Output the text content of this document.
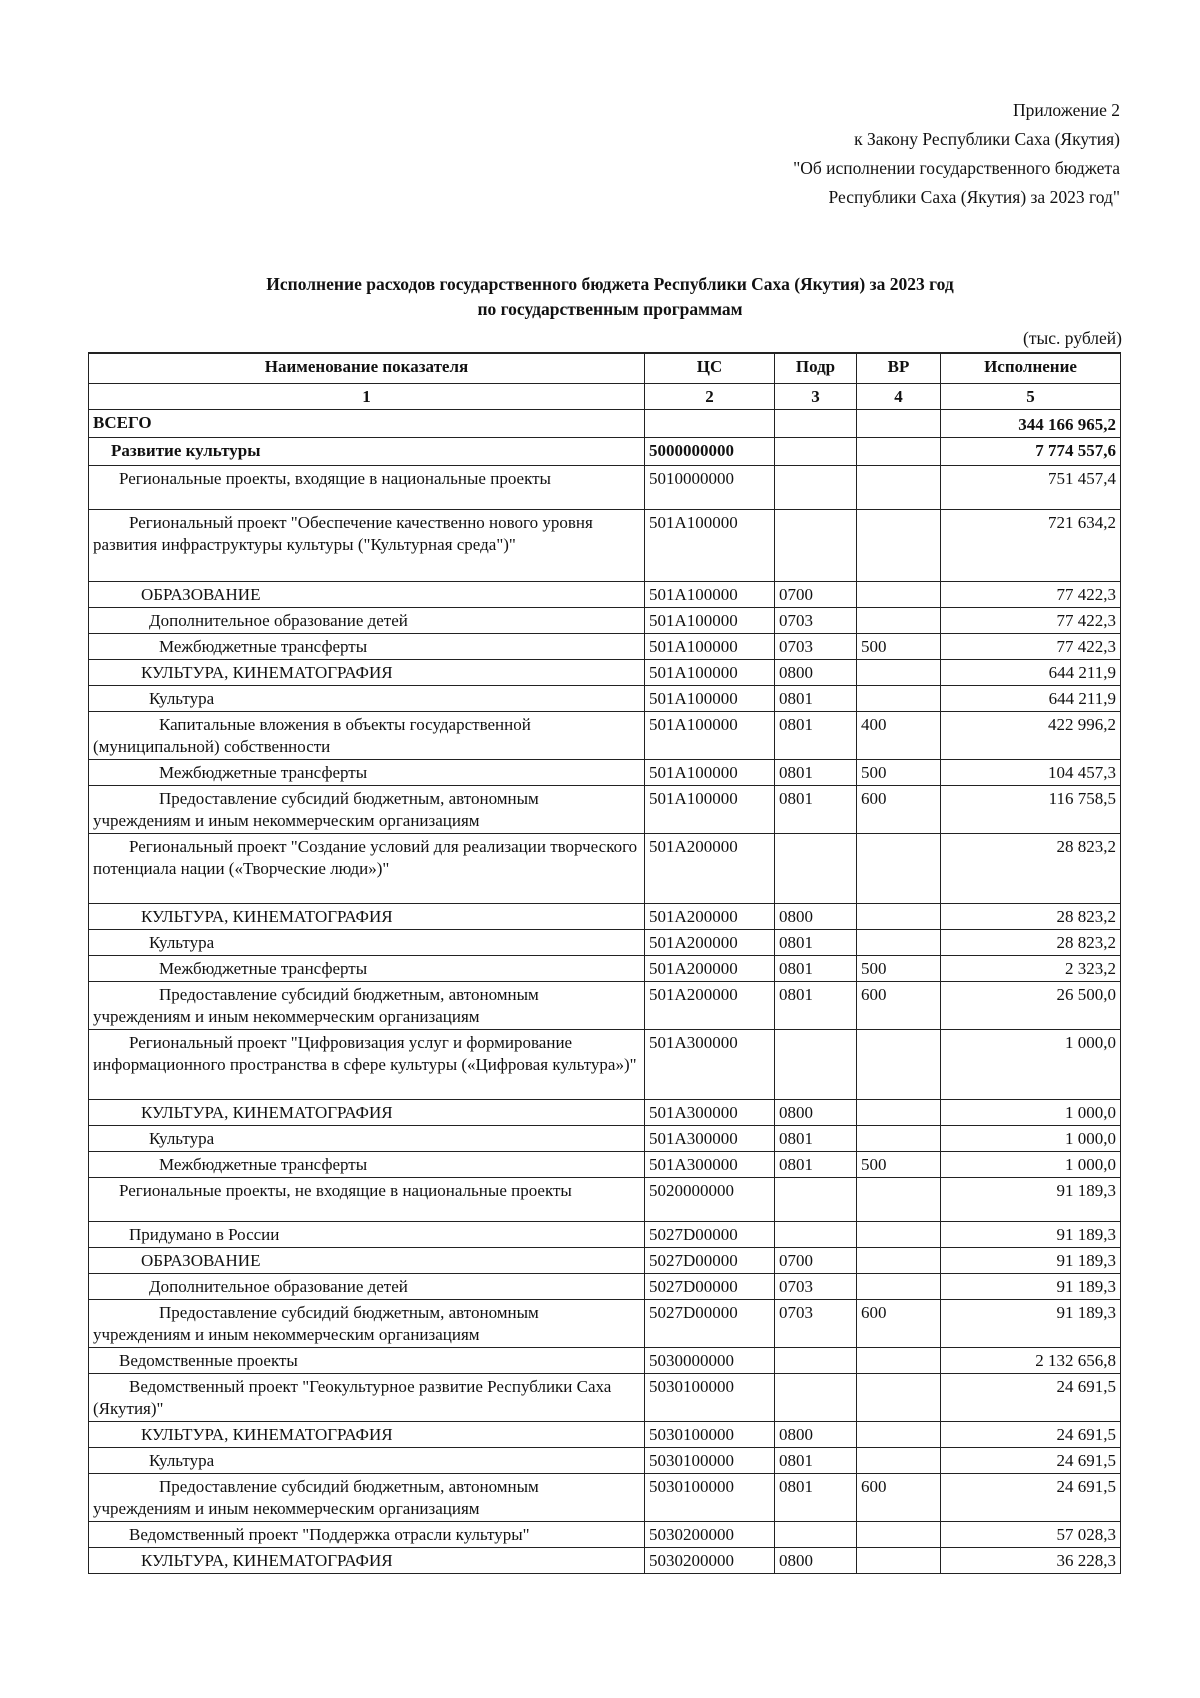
Приложение 2
к Закону Республики Саха (Якутия)
"Об исполнении государственного бюджета
Республики Саха (Якутия) за 2023 год"
Исполнение расходов государственного бюджета Республики Саха (Якутия) за 2023 год
по государственным программам
(тыс. рублей)
Наименование показателя	ЦС	Подр	ВР	Исполнение
1	2	3	4	5
ВСЕГО				344 166 965,2
Развитие культуры	5000000000			7 774 557,6
Региональные проекты, входящие в национальные проекты	5010000000			751 457,4
Региональный проект "Обеспечение качественно нового уровня развития инфраструктуры культуры ("Культурная среда")"	501A100000			721 634,2
ОБРАЗОВАНИЕ	501A100000	0700		77 422,3
Дополнительное образование детей	501A100000	0703		77 422,3
Межбюджетные трансферты	501A100000	0703	500	77 422,3
КУЛЬТУРА, КИНЕМАТОГРАФИЯ	501A100000	0800		644 211,9
Культура	501A100000	0801		644 211,9
Капитальные вложения в объекты государственной (муниципальной) собственности	501A100000	0801	400	422 996,2
Межбюджетные трансферты	501A100000	0801	500	104 457,3
Предоставление субсидий бюджетным, автономным учреждениям и иным некоммерческим организациям	501A100000	0801	600	116 758,5
Региональный проект "Создание условий для реализации творческого потенциала нации («Творческие люди»)"	501A200000			28 823,2
КУЛЬТУРА, КИНЕМАТОГРАФИЯ	501A200000	0800		28 823,2
Культура	501A200000	0801		28 823,2
Межбюджетные трансферты	501A200000	0801	500	2 323,2
Предоставление субсидий бюджетным, автономным учреждениям и иным некоммерческим организациям	501A200000	0801	600	26 500,0
Региональный проект "Цифровизация услуг и формирование информационного пространства в сфере культуры («Цифровая культура»)"	501A300000			1 000,0
КУЛЬТУРА, КИНЕМАТОГРАФИЯ	501A300000	0800		1 000,0
Культура	501A300000	0801		1 000,0
Межбюджетные трансферты	501A300000	0801	500	1 000,0
Региональные проекты, не входящие в национальные проекты	5020000000			91 189,3
Придумано в России	5027D00000			91 189,3
ОБРАЗОВАНИЕ	5027D00000	0700		91 189,3
Дополнительное образование детей	5027D00000	0703		91 189,3
Предоставление субсидий бюджетным, автономным учреждениям и иным некоммерческим организациям	5027D00000	0703	600	91 189,3
Ведомственные проекты	5030000000			2 132 656,8
Ведомственный проект "Геокультурное развитие Республики Саха (Якутия)"	5030100000			24 691,5
КУЛЬТУРА, КИНЕМАТОГРАФИЯ	5030100000	0800		24 691,5
Культура	5030100000	0801		24 691,5
Предоставление субсидий бюджетным, автономным учреждениям и иным некоммерческим организациям	5030100000	0801	600	24 691,5
Ведомственный проект "Поддержка отрасли культуры"	5030200000			57 028,3
КУЛЬТУРА, КИНЕМАТОГРАФИЯ	5030200000	0800		36 228,3
